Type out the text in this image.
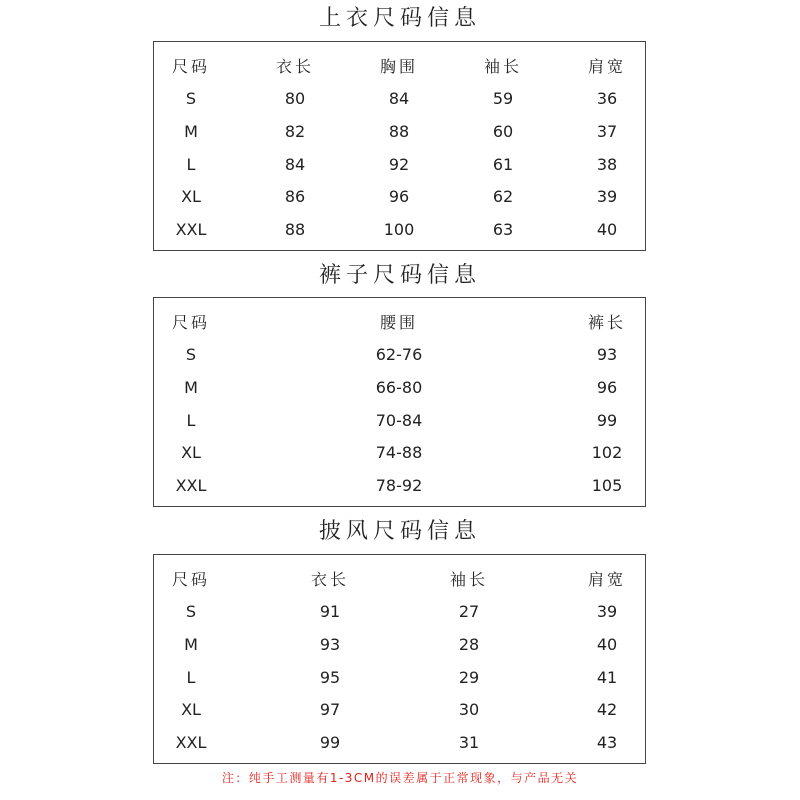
上衣尺码信息
尺码	衣长	胸围	袖长	肩宽
S	80	84	59	36
M	82	88	60	37
L	84	92	61	38
XL	86	96	62	39
XXL	88	100	63	40
裤子尺码信息
尺码	腰围	裤长
S	62-76	93
M	66-80	96
L	70-84	99
XL	74-88	102
XXL	78-92	105
披风尺码信息
尺码	衣长	袖长	肩宽
S	91	27	39
M	93	28	40
L	95	29	41
XL	97	30	42
XXL	99	31	43
注：纯手工测量有1-3CM的误差属于正常现象，与产品无关
